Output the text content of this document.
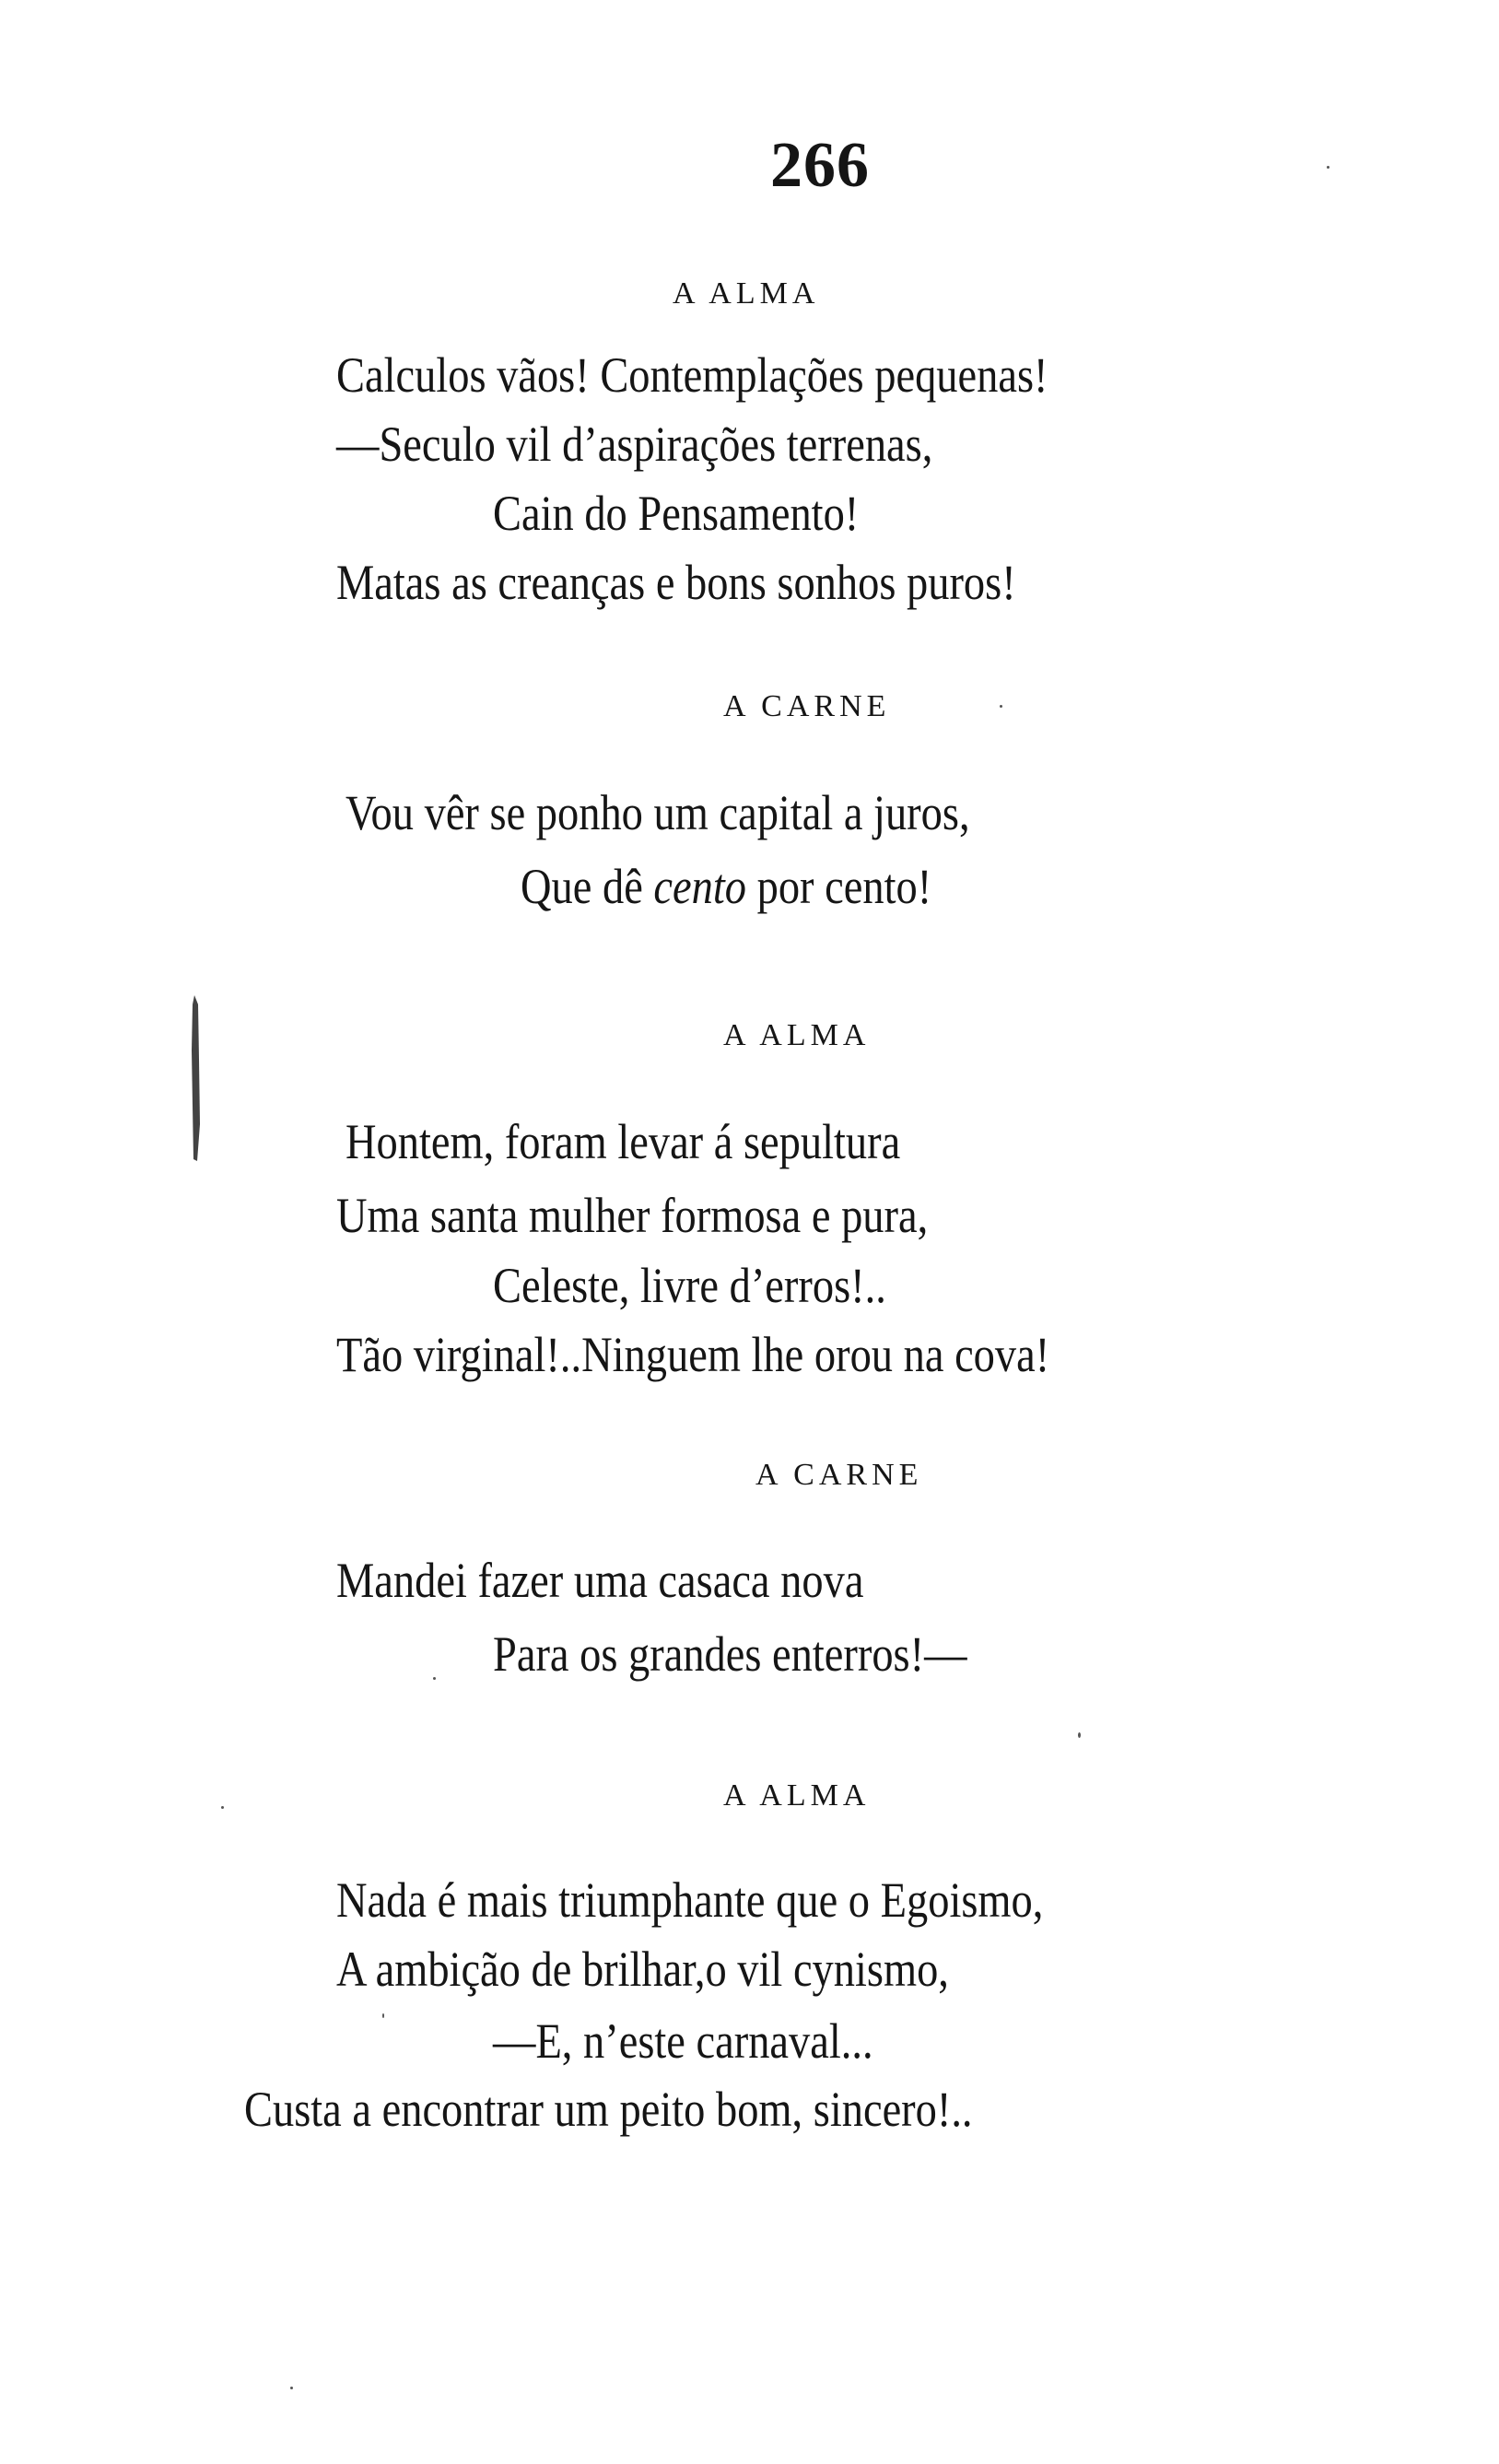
266
A ALMA
Calculos vãos! Contemplações pequenas!
—Seculo vil d’aspirações terrenas,
Cain do Pensamento!
Matas as creanças e bons sonhos puros!
A CARNE
Vou vêr se ponho um capital a juros,
Que dê cento por cento!
A ALMA
Hontem, foram levar á sepultura
Uma santa mulher formosa e pura,
Celeste, livre d’erros!..
Tão virginal!..Ninguem lhe orou na cova!
A CARNE
Mandei fazer uma casaca nova
Para os grandes enterros!—
A ALMA
Nada é mais triumphante que o Egoismo,
A ambição de brilhar,o vil cynismo,
—E, n’este carnaval...
Custa a encontrar um peito bom, sincero!..
